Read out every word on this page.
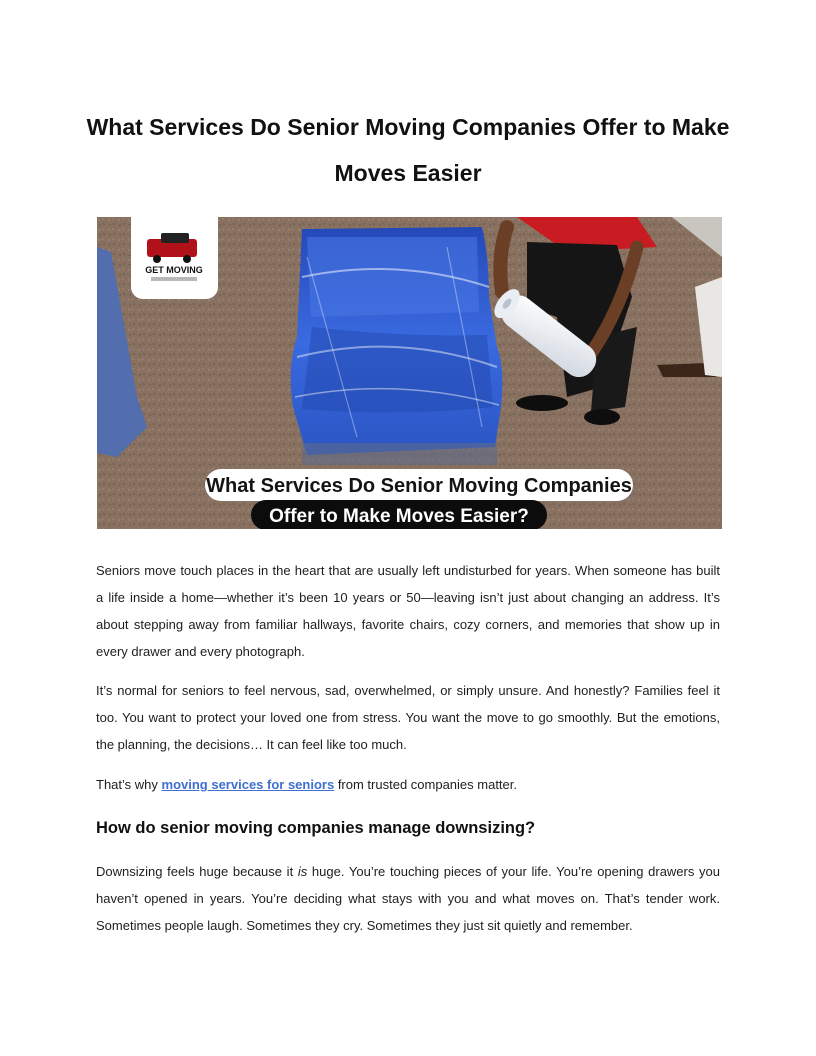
What Services Do Senior Moving Companies Offer to Make Moves Easier
GET MOVING
What Services Do Senior Moving Companies
Offer to Make Moves Easier?

Seniors move touch places in the heart that are usually left undisturbed for years. When someone has built a life inside a home—whether it’s been 10 years or 50—leaving isn’t just about changing an address. It’s about stepping away from familiar hallways, favorite chairs, cozy corners, and memories that show up in every drawer and every photograph.

It’s normal for seniors to feel nervous, sad, overwhelmed, or simply unsure. And honestly? Families feel it too. You want to protect your loved one from stress. You want the move to go smoothly. But the emotions, the planning, the decisions… It can feel like too much.

That’s why moving services for seniors from trusted companies matter.

How do senior moving companies manage downsizing?

Downsizing feels huge because it is huge. You’re touching pieces of your life. You’re opening drawers you haven’t opened in years. You’re deciding what stays with you and what moves on. That’s tender work. Sometimes people laugh. Sometimes they cry. Sometimes they just sit quietly and remember.
